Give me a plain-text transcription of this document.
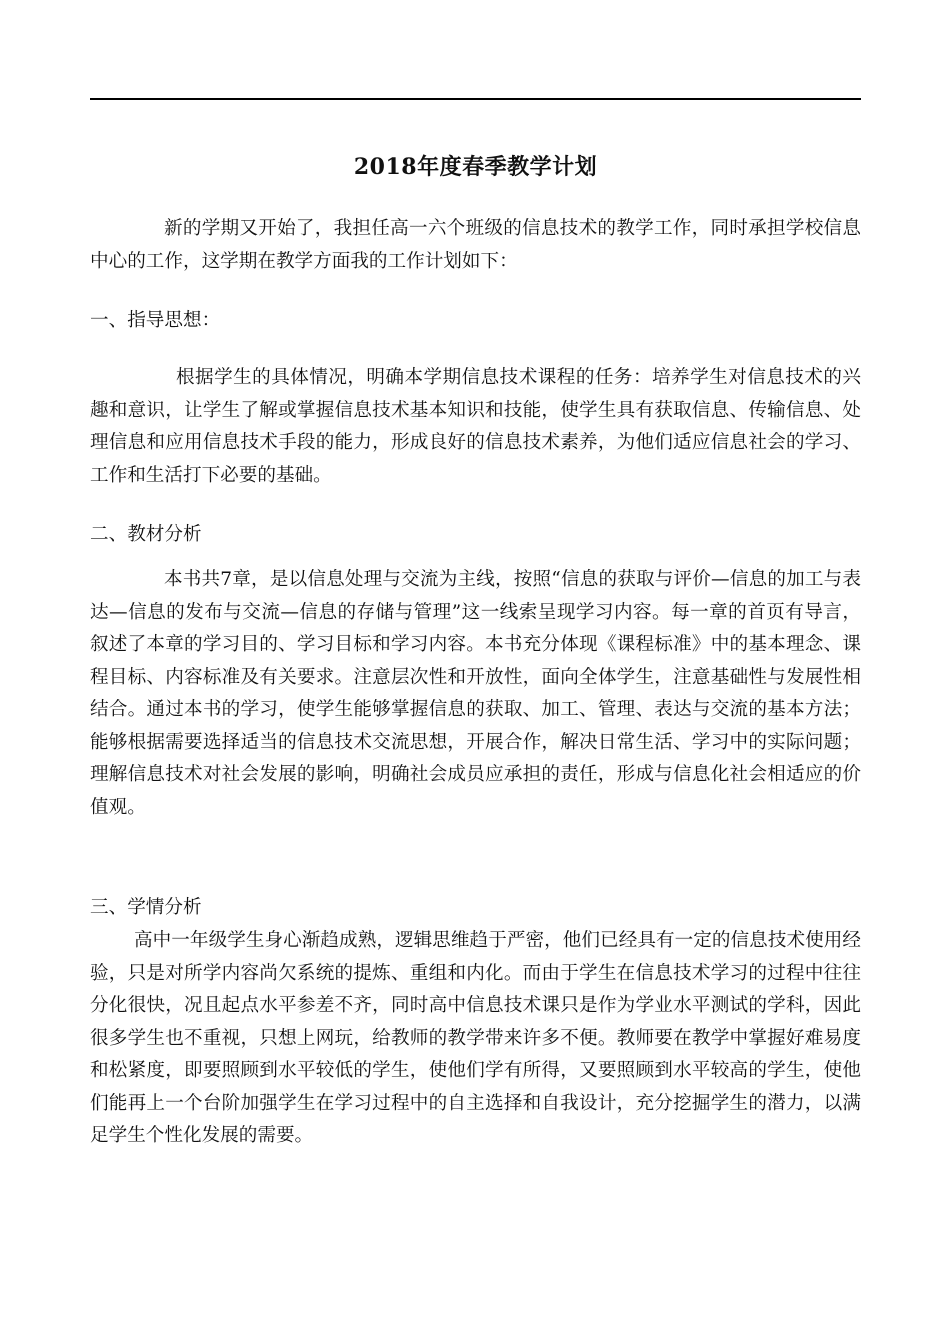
2018年度春季教学计划

新的学期又开始了，我担任高一六个班级的信息技术的教学工作，同时承担学校信息中心的工作，这学期在教学方面我的工作计划如下：

一、指导思想：

根据学生的具体情况，明确本学期信息技术课程的任务：培养学生对信息技术的兴趣和意识，让学生了解或掌握信息技术基本知识和技能，使学生具有获取信息、传输信息、处理信息和应用信息技术手段的能力，形成良好的信息技术素养，为他们适应信息社会的学习、工作和生活打下必要的基础。

二、教材分析

本书共7章，是以信息处理与交流为主线，按照“信息的获取与评价—信息的加工与表达—信息的发布与交流—信息的存储与管理”这一线索呈现学习内容。每一章的首页有导言，叙述了本章的学习目的、学习目标和学习内容。本书充分体现《课程标准》中的基本理念、课程目标、内容标准及有关要求。注意层次性和开放性，面向全体学生，注意基础性与发展性相结合。通过本书的学习，使学生能够掌握信息的获取、加工、管理、表达与交流的基本方法；能够根据需要选择适当的信息技术交流思想，开展合作，解决日常生活、学习中的实际问题；理解信息技术对社会发展的影响，明确社会成员应承担的责任，形成与信息化社会相适应的价值观。

三、学情分析

高中一年级学生身心渐趋成熟，逻辑思维趋于严密，他们已经具有一定的信息技术使用经验，只是对所学内容尚欠系统的提炼、重组和内化。而由于学生在信息技术学习的过程中往往分化很快，况且起点水平参差不齐，同时高中信息技术课只是作为学业水平测试的学科，因此很多学生也不重视，只想上网玩，给教师的教学带来许多不便。教师要在教学中掌握好难易度和松紧度，即要照顾到水平较低的学生，使他们学有所得，又要照顾到水平较高的学生，使他们能再上一个台阶加强学生在学习过程中的自主选择和自我设计，充分挖掘学生的潜力，以满足学生个性化发展的需要。
